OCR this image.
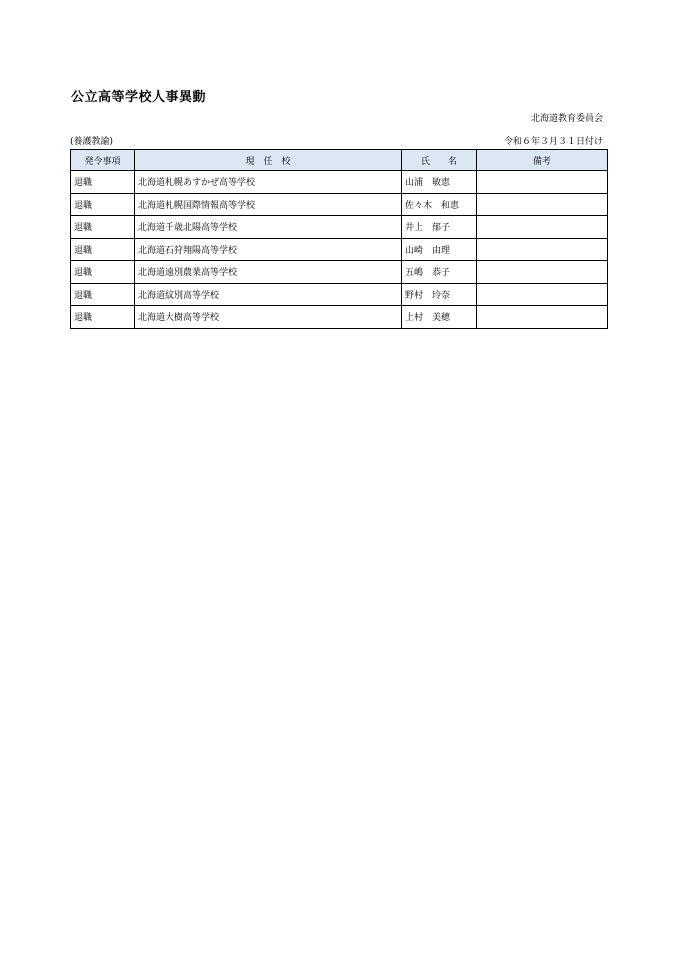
公立高等学校人事異動
北海道教育委員会
(養護教諭)	令和６年３月３１日付け
発令事項	現　任　校	氏　　名	備考
退職	北海道札幌あすかぜ高等学校	山浦　敏恵	
退職	北海道札幌国際情報高等学校	佐々木　和恵	
退職	北海道千歳北陽高等学校	井上　郁子	
退職	北海道石狩翔陽高等学校	山崎　由理	
退職	北海道遠別農業高等学校	五嶋　恭子	
退職	北海道紋別高等学校	野村　玲奈	
退職	北海道大樹高等学校	上村　美穂	
